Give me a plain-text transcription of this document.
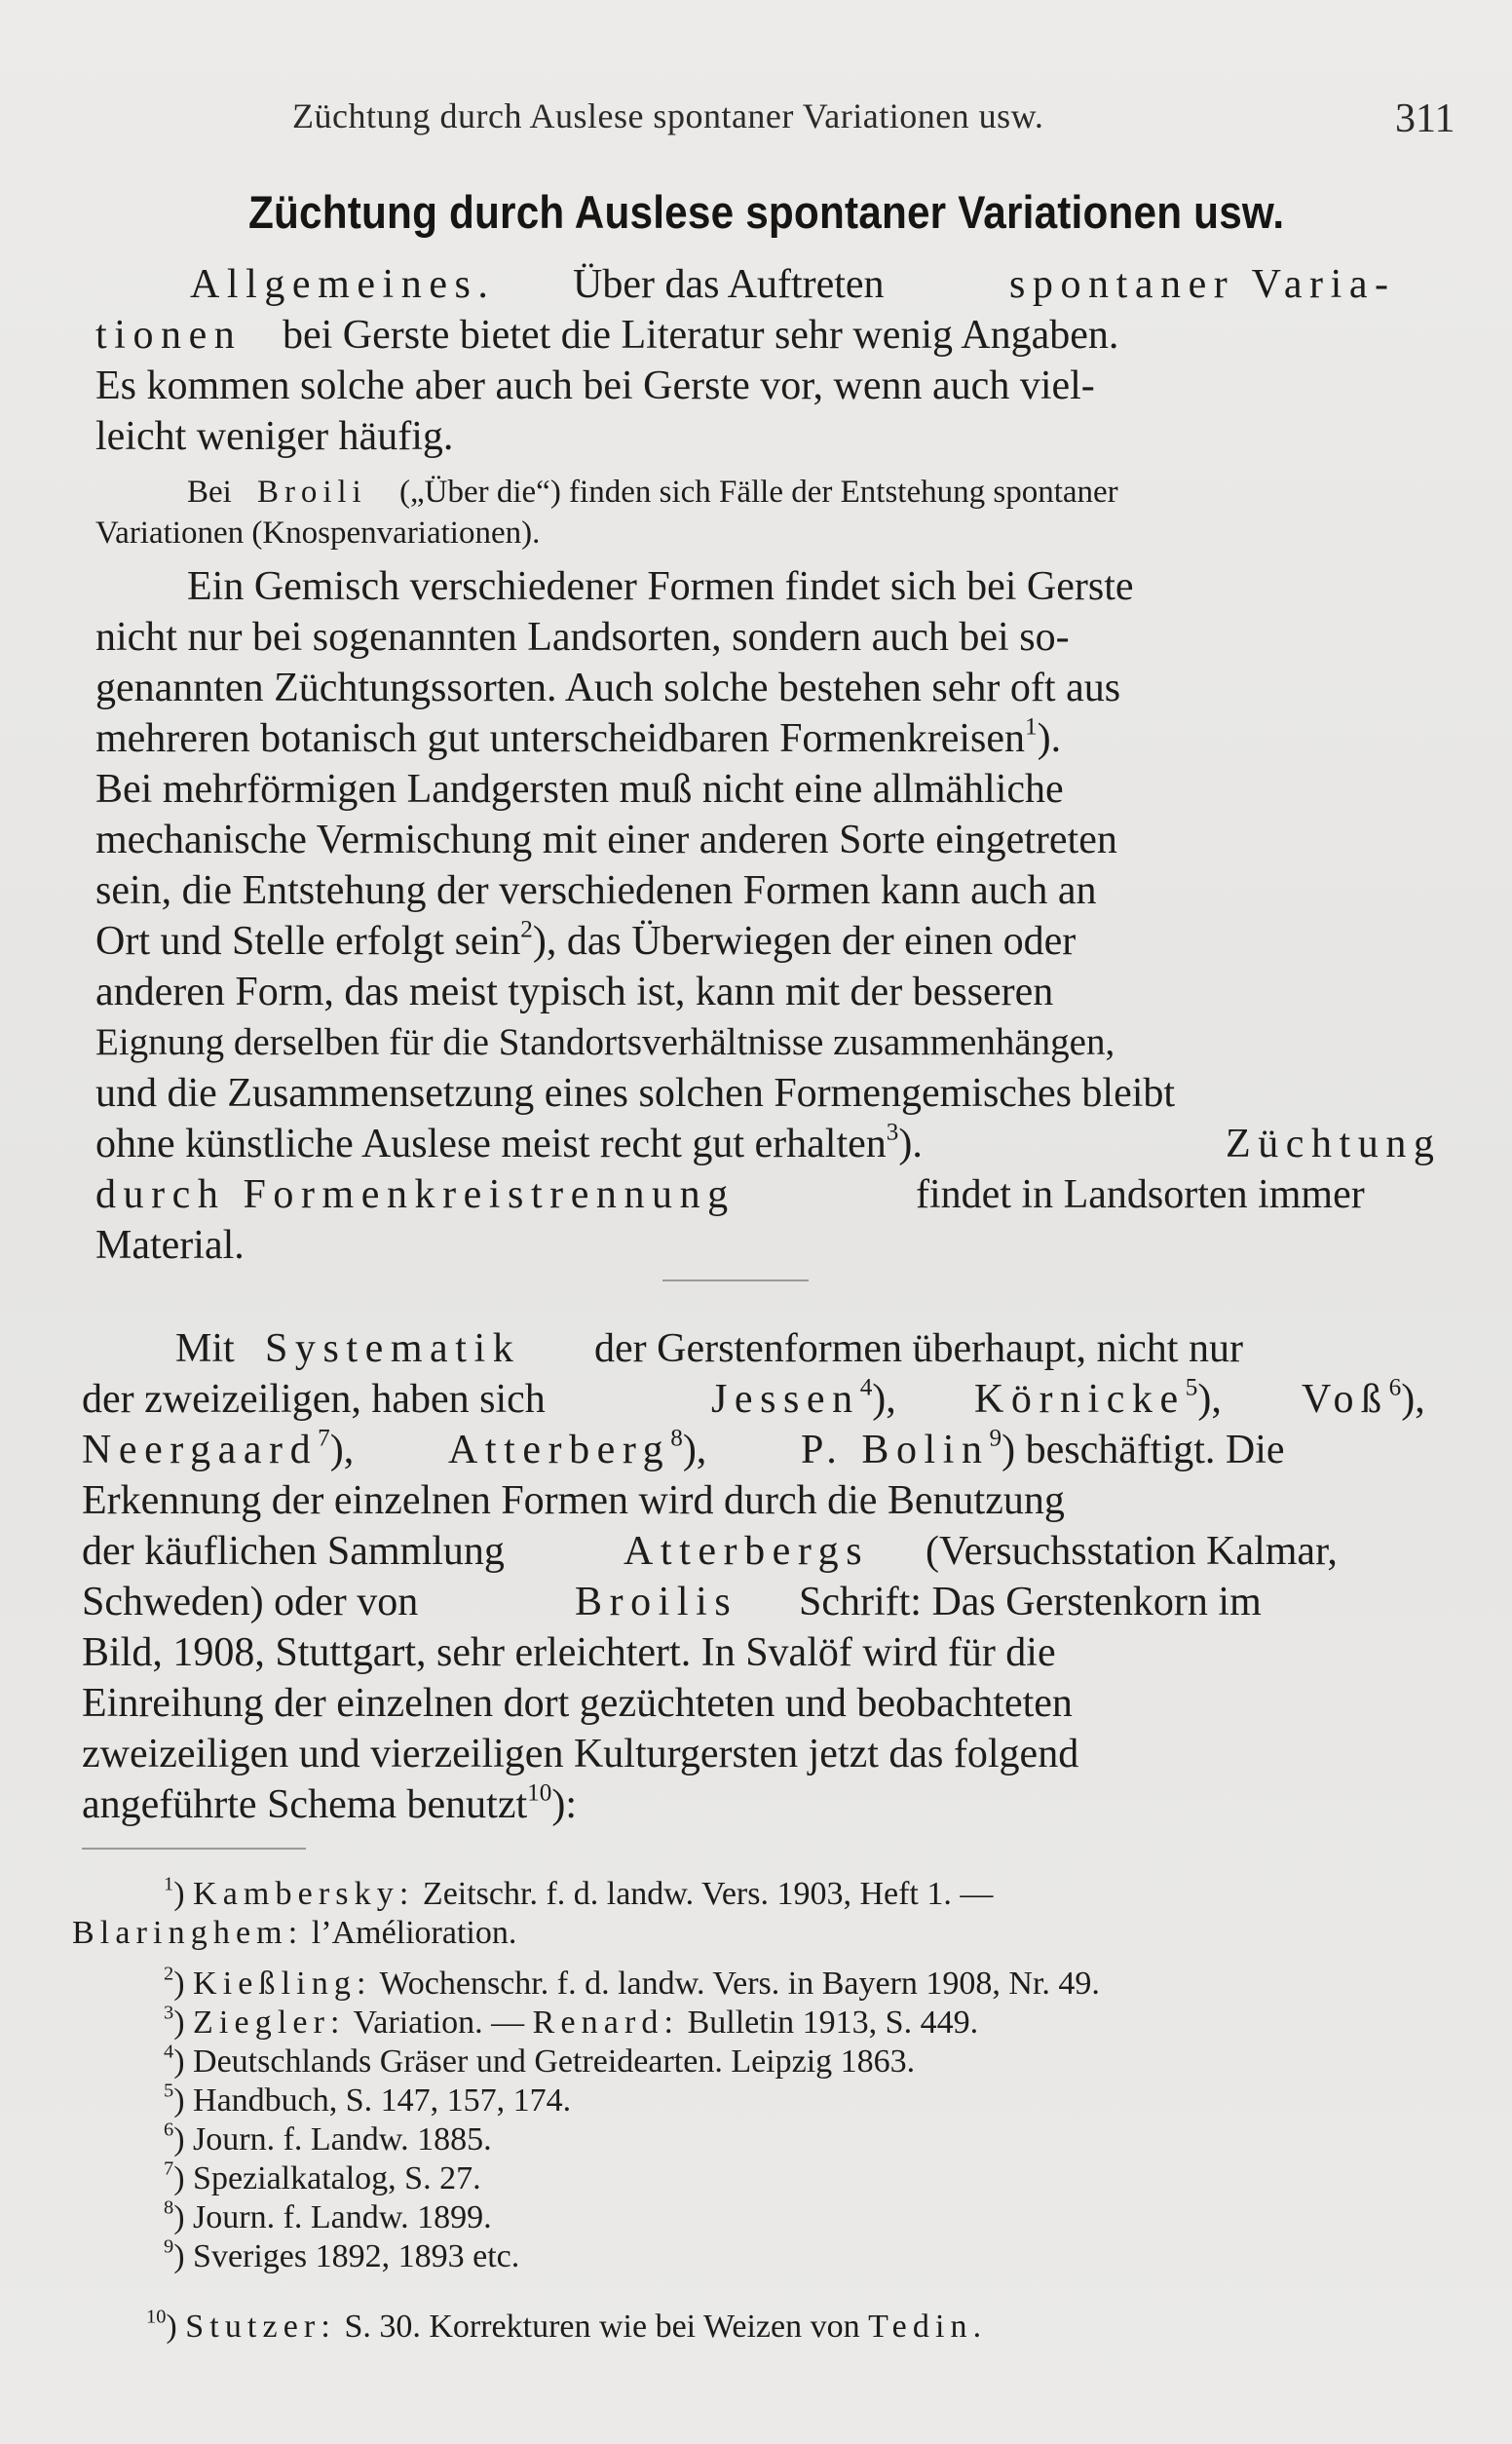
Züchtung durch Auslese spontaner Variationen usw.	311
Züchtung durch Auslese spontaner Variationen usw.
Allgemeines. Über das Auftreten	spontaner Varia-
tionen bei Gerste bietet die Literatur sehr wenig Angaben.
Es kommen solche aber auch bei Gerste vor, wenn auch viel-
leicht weniger häufig.
Bei Broili („Über die“) finden sich Fälle der Entstehung spontaner
Variationen (Knospenvariationen).
Ein Gemisch verschiedener Formen findet sich bei Gerste
nicht nur bei sogenannten Landsorten, sondern auch bei so-
genannten Züchtungssorten. Auch solche bestehen sehr oft aus
mehreren botanisch gut unterscheidbaren Formenkreisen$^1$).
Bei mehrförmigen Landgersten muß nicht eine allmähliche
mechanische Vermischung mit einer anderen Sorte eingetreten
sein, die Entstehung der verschiedenen Formen kann auch an
Ort und Stelle erfolgt sein$^2$), das Überwiegen der einen oder
anderen Form, das meist typisch ist, kann mit der besseren
Eignung derselben für die Standortsverhältnisse zusammenhängen,
und die Zusammensetzung eines solchen Formengemisches bleibt
ohne künstliche Auslese meist recht gut erhalten$^3$).	Züchtung
durch Formenkreistrennung	findet in Landsorten immer
Material.
Mit Systematik der Gerstenformen überhaupt, nicht nur
der zweizeiligen, haben sich	Jessen$^4$), Körnicke$^5$), Voß$^6$),
Neergaard$^7$), Atterberg$^8$), P. Bolin$^9$) beschäftigt. Die
Erkennung der einzelnen Formen wird durch die Benutzung
der käuflichen Sammlung	Atterbergs (Versuchsstation Kalmar,
Schweden) oder von	Broilis Schrift: Das Gerstenkorn im
Bild, 1908, Stuttgart, sehr erleichtert. In Svalöf wird für die
Einreihung der einzelnen dort gezüchteten und beobachteten
zweizeiligen und vierzeiligen Kulturgersten jetzt das folgend
angeführte Schema benutzt$^{10}$):
$^1$) Kambersky: Zeitschr. f. d. landw. Vers. 1903, Heft 1. —
Blaringhem: l’Amélioration.
$^2$) Kießling: Wochenschr. f. d. landw. Vers. in Bayern 1908, Nr. 49.
$^3$) Ziegler: Variation. — Renard: Bulletin 1913, S. 449.
$^4$) Deutschlands Gräser und Getreidearten. Leipzig 1863.
$^5$) Handbuch, S. 147, 157, 174.
$^6$) Journ. f. Landw. 1885.
$^7$) Spezialkatalog, S. 27.
$^8$) Journ. f. Landw. 1899.
$^9$) Sveriges 1892, 1893 etc.
$^{10}$) Stutzer: S. 30. Korrekturen wie bei Weizen von Tedin.
